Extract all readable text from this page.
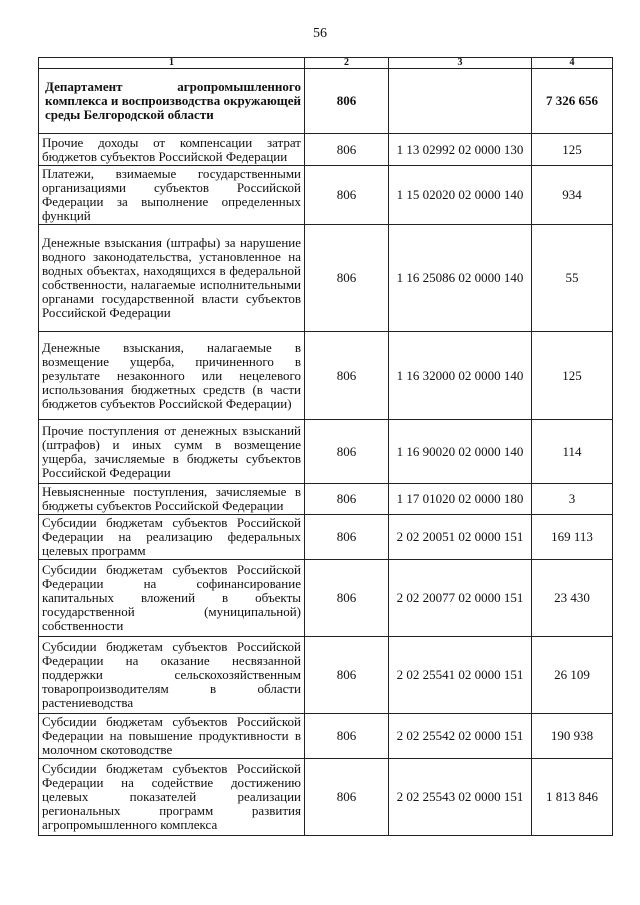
56
1	2	3	4
Департамент агропромышленного комплекса и воспроизводства окружающей среды Белгородской области	806		7 326 656
Прочие доходы от компенсации затрат бюджетов субъектов Российской Федерации	806	1 13 02992 02 0000 130	125
Платежи, взимаемые государственными организациями субъектов Российской Федерации за выполнение определенных функций	806	1 15 02020 02 0000 140	934
Денежные взыскания (штрафы) за нарушение водного законодательства, установленное на водных объектах, находящихся в федеральной собственности, налагаемые исполнительными органами государственной власти субъектов Российской Федерации	806	1 16 25086 02 0000 140	55
Денежные взыскания, налагаемые в возмещение ущерба, причиненного в результате незаконного или нецелевого использования бюджетных средств (в части бюджетов субъектов Российской Федерации)	806	1 16 32000 02 0000 140	125
Прочие поступления от денежных взысканий (штрафов) и иных сумм в возмещение ущерба, зачисляемые в бюджеты субъектов Российской Федерации	806	1 16 90020 02 0000 140	114
Невыясненные поступления, зачисляемые в бюджеты субъектов Российской Федерации	806	1 17 01020 02 0000 180	3
Субсидии бюджетам субъектов Российской Федерации на реализацию федеральных целевых программ	806	2 02 20051 02 0000 151	169 113
Субсидии бюджетам субъектов Российской Федерации на софинансирование капитальных вложений в объекты государственной (муниципальной) собственности	806	2 02 20077 02 0000 151	23 430
Субсидии бюджетам субъектов Российской Федерации на оказание несвязанной поддержки сельскохозяйственным товаропроизводителям в области растениеводства	806	2 02 25541 02 0000 151	26 109
Субсидии бюджетам субъектов Российской Федерации на повышение продуктивности в молочном скотоводстве	806	2 02 25542 02 0000 151	190 938
Субсидии бюджетам субъектов Российской Федерации на содействие достижению целевых показателей реализации региональных программ развития агропромышленного комплекса	806	2 02 25543 02 0000 151	1 813 846
